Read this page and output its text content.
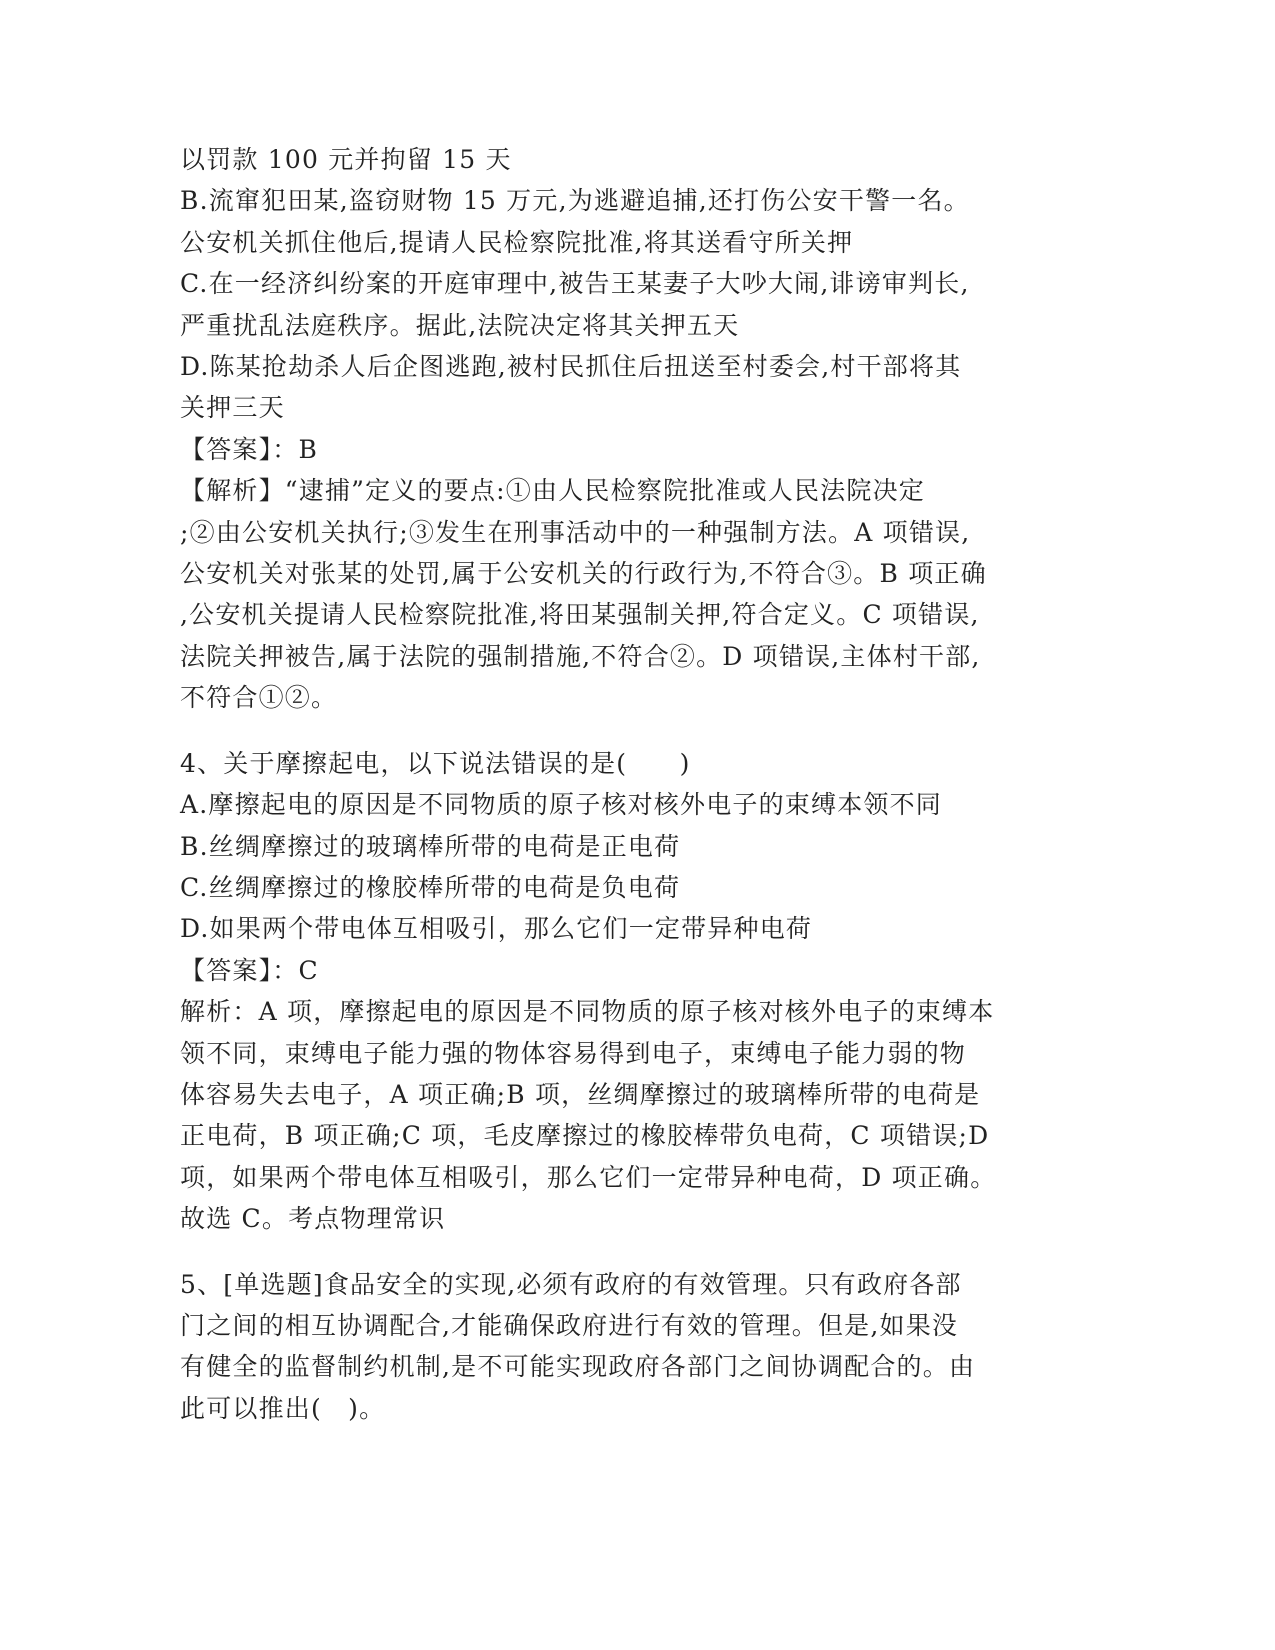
以罚款 100 元并拘留 15 天
B.流窜犯田某,盗窃财物 15 万元,为逃避追捕,还打伤公安干警一名。
公安机关抓住他后,提请人民检察院批准,将其送看守所关押
C.在一经济纠纷案的开庭审理中,被告王某妻子大吵大闹,诽谤审判长,
严重扰乱法庭秩序。据此,法院决定将其关押五天
D.陈某抢劫杀人后企图逃跑,被村民抓住后扭送至村委会,村干部将其
关押三天
【答案】：B
【解析】“逮捕”定义的要点:①由人民检察院批准或人民法院决定
;②由公安机关执行;③发生在刑事活动中的一种强制方法。A 项错误,
公安机关对张某的处罚,属于公安机关的行政行为,不符合③。B 项正确
,公安机关提请人民检察院批准,将田某强制关押,符合定义。C 项错误,
法院关押被告,属于法院的强制措施,不符合②。D 项错误,主体村干部,
不符合①②。
4、关于摩擦起电，以下说法错误的是(　　)
A.摩擦起电的原因是不同物质的原子核对核外电子的束缚本领不同
B.丝绸摩擦过的玻璃棒所带的电荷是正电荷
C.丝绸摩擦过的橡胶棒所带的电荷是负电荷
D.如果两个带电体互相吸引，那么它们一定带异种电荷
【答案】：C
解析：A 项，摩擦起电的原因是不同物质的原子核对核外电子的束缚本
领不同，束缚电子能力强的物体容易得到电子，束缚电子能力弱的物
体容易失去电子，A 项正确;B 项，丝绸摩擦过的玻璃棒所带的电荷是
正电荷，B 项正确;C 项，毛皮摩擦过的橡胶棒带负电荷，C 项错误;D
项，如果两个带电体互相吸引，那么它们一定带异种电荷，D 项正确。
故选 C。考点物理常识
5、[单选题]食品安全的实现,必须有政府的有效管理。只有政府各部
门之间的相互协调配合,才能确保政府进行有效的管理。但是,如果没
有健全的监督制约机制,是不可能实现政府各部门之间协调配合的。由
此可以推出(　)。
